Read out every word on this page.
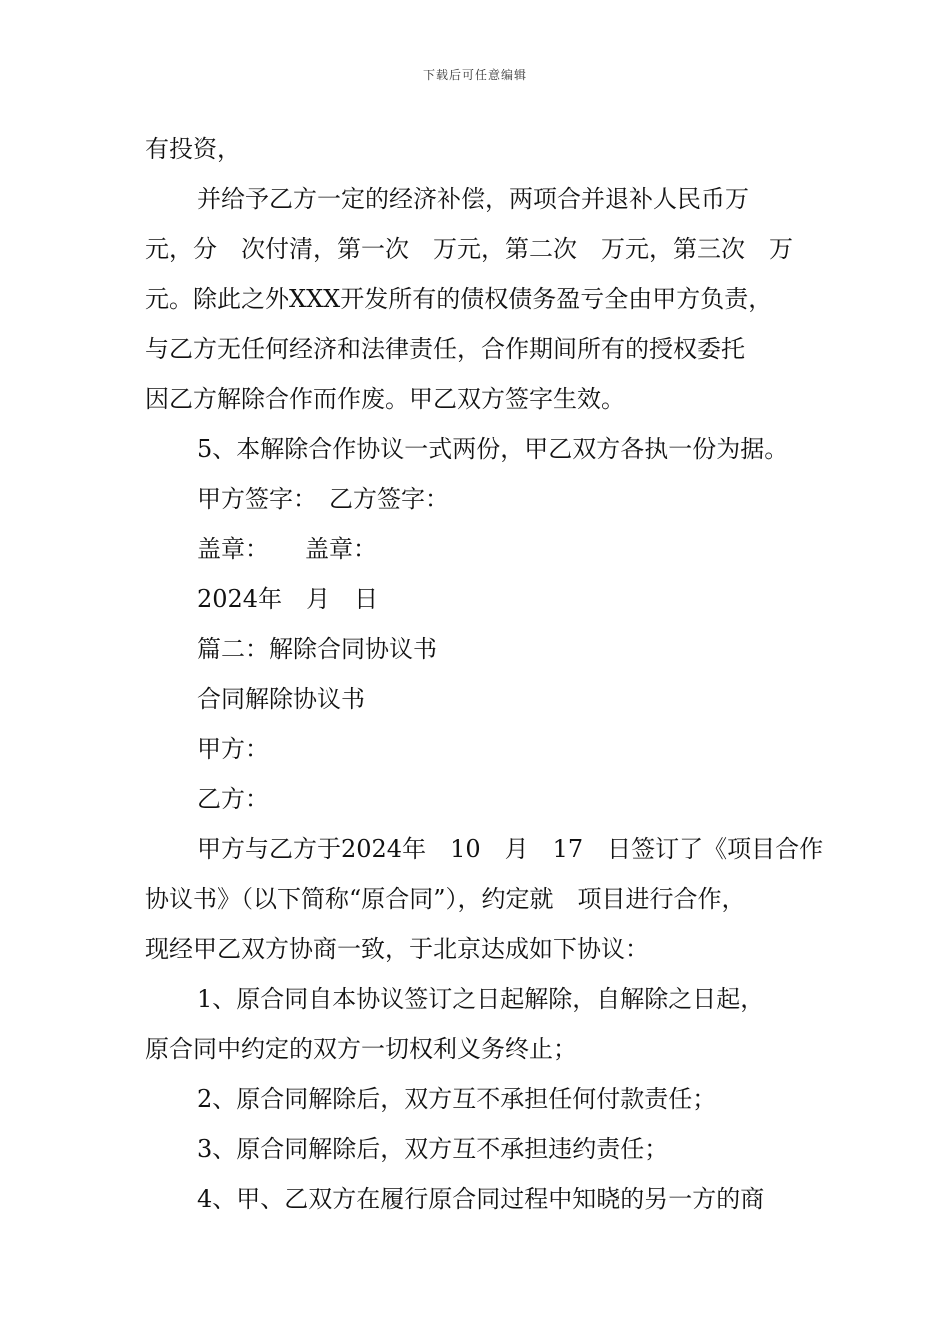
下载后可任意编辑

有投资，

并给予乙方一定的经济补偿，两项合并退补人民币万

元，分　次付清，第一次　万元，第二次　万元，第三次　万

元。除此之外XXX开发所有的债权债务盈亏全由甲方负责，

与乙方无任何经济和法律责任，合作期间所有的授权委托

因乙方解除合作而作废。甲乙双方签字生效。

5、本解除合作协议一式两份，甲乙双方各执一份为据。

甲方签字：　乙方签字：

盖章：　　盖章：

2024年　月　日

篇二：解除合同协议书

合同解除协议书

甲方：

乙方：

甲方与乙方于2024年　10　月　17　日签订了《项目合作

协议书》（以下简称“原合同”），约定就　项目进行合作，

现经甲乙双方协商一致，于北京达成如下协议：

1、原合同自本协议签订之日起解除，自解除之日起，

原合同中约定的双方一切权利义务终止；

2、原合同解除后，双方互不承担任何付款责任；

3、原合同解除后，双方互不承担违约责任；

4、甲、乙双方在履行原合同过程中知晓的另一方的商
